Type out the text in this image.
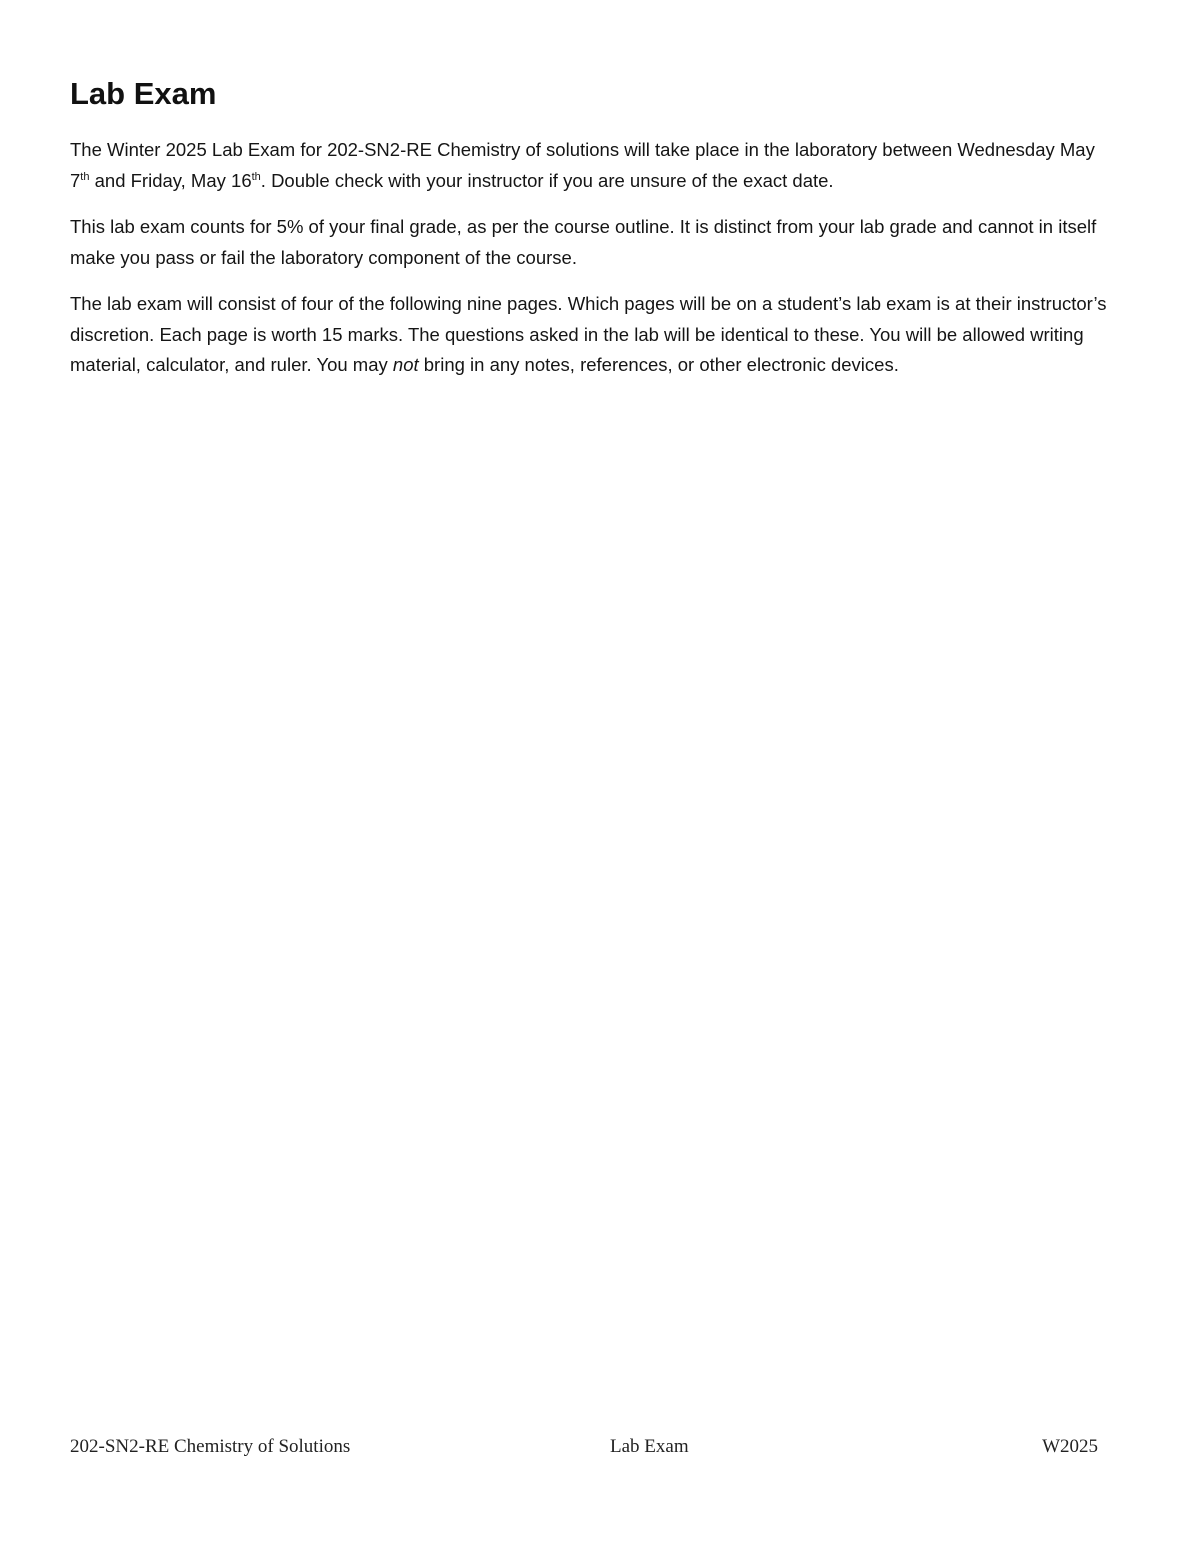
Lab Exam

The Winter 2025 Lab Exam for 202-SN2-RE Chemistry of solutions will take place in the laboratory between Wednesday May 7th and Friday, May 16th. Double check with your instructor if you are unsure of the exact date.

This lab exam counts for 5% of your final grade, as per the course outline. It is distinct from your lab grade and cannot in itself make you pass or fail the laboratory component of the course.

The lab exam will consist of four of the following nine pages. Which pages will be on a student’s lab exam is at their instructor’s discretion. Each page is worth 15 marks. The questions asked in the lab will be identical to these. You will be allowed writing material, calculator, and ruler. You may not bring in any notes, references, or other electronic devices.

202-SN2-RE Chemistry of Solutions	Lab Exam	W2025
